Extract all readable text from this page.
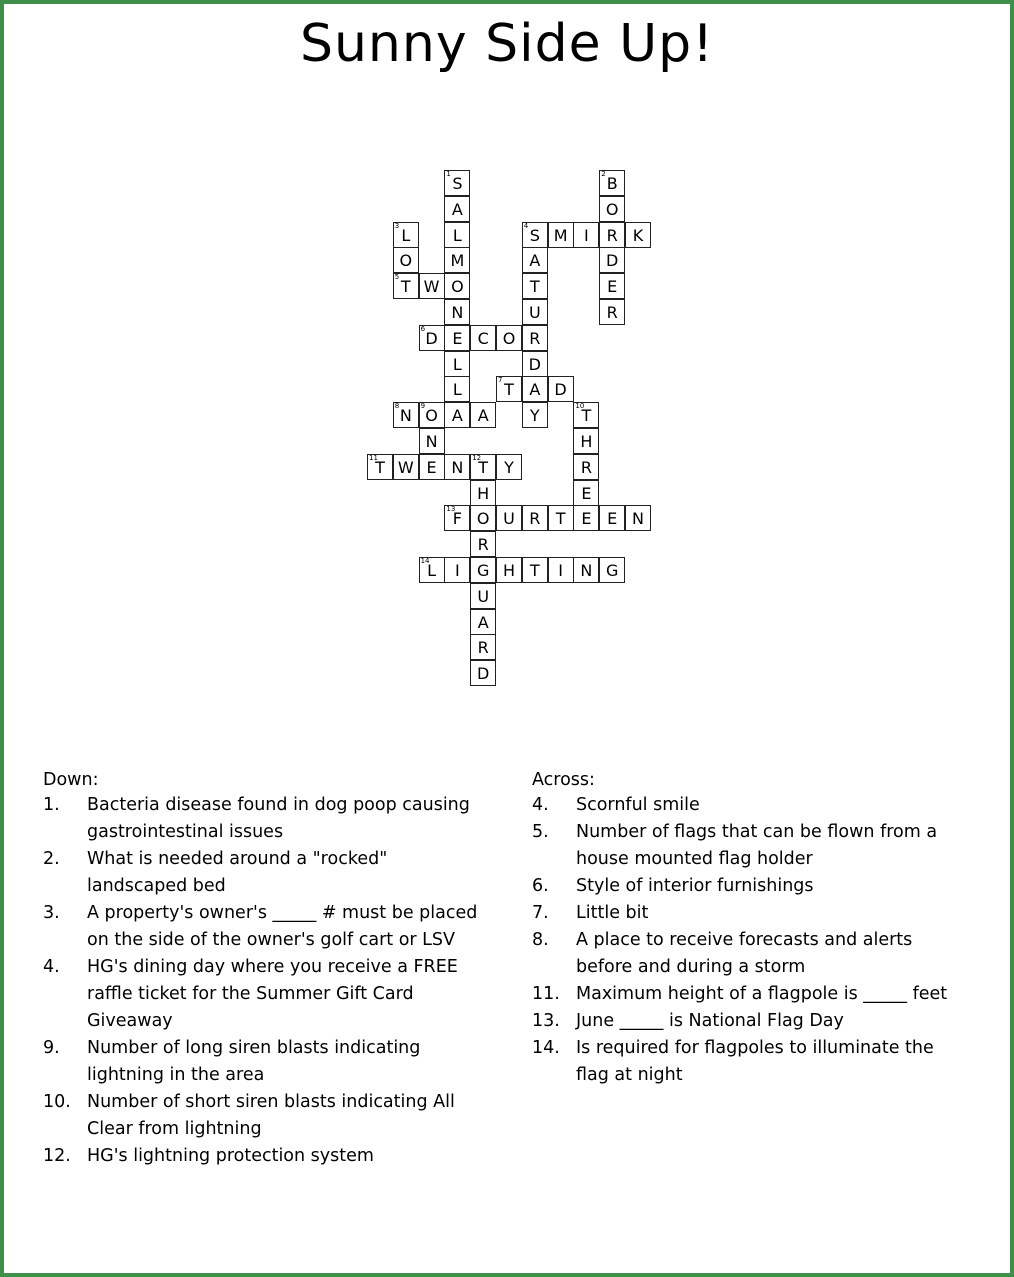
Sunny Side Up!
1 S
A
L
M
O
N
E
L
L
A
2 B
O
R
D
E
R
3 L
O
5 T
4 S M	I	K
A
T
U
R
D
A
Y
W
6 D	C O
7 T	D
8 N	9 O	A
N
10
T
H
R
E
E
11
T W E N	12
T	Y
H
O
R
G
U
A
R
D
13
F	U R T	E N
14
L	I	H T	I	N G
Down:
1. Bacteria disease found in dog poop causing gastrointestinal issues
2. What is needed around a "rocked" landscaped bed
3. A property's owner's _____ # must be placed on the side of the owner's golf cart or LSV
4. HG's dining day where you receive a FREE raffle ticket for the Summer Gift Card Giveaway
9. Number of long siren blasts indicating lightning in the area
10. Number of short siren blasts indicating All Clear from lightning
12. HG's lightning protection system
Across:
4. Scornful smile
5. Number of flags that can be flown from a house mounted flag holder
6. Style of interior furnishings
7. Little bit
8. A place to receive forecasts and alerts before and during a storm
11. Maximum height of a flagpole is _____ feet
13. June _____ is National Flag Day
14. Is required for flagpoles to illuminate the flag at night
